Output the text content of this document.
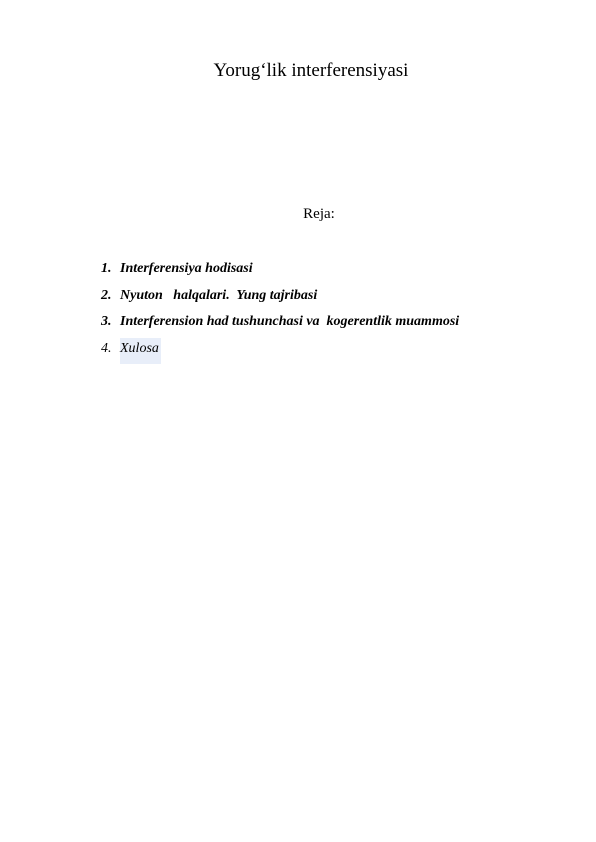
Yorug‘lik interferensiyasi
Reja:
1. Interferensiya hodisasi
2. Nyuton   halqalari.  Yung tajribasi
3. Interferension had tushunchasi va  kogerentlik muammosi
4. Xulosa
